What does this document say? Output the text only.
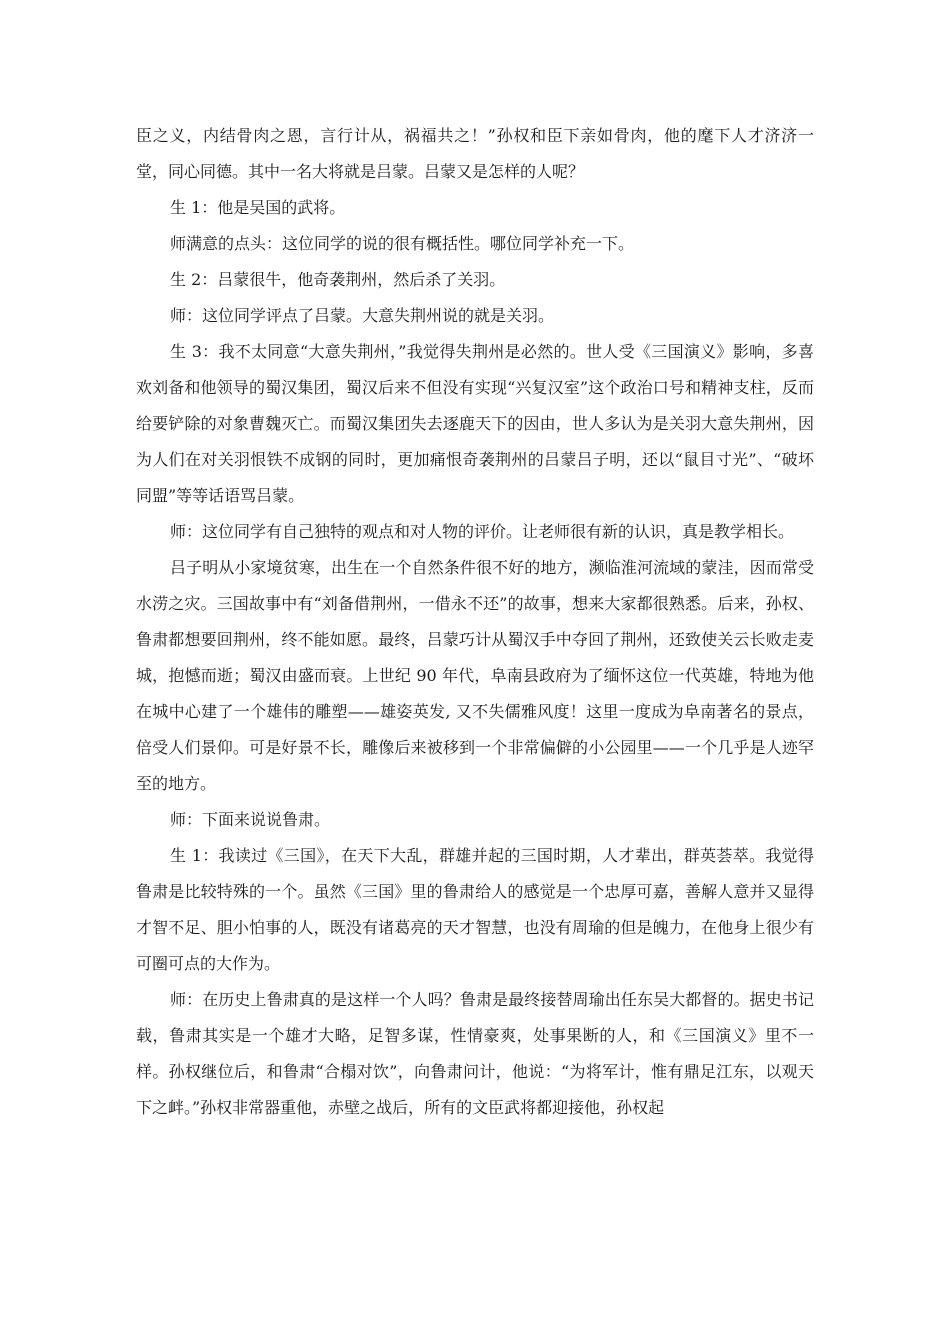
臣之义，内结骨肉之恩，言行计从，祸福共之！”孙权和臣下亲如骨肉，他的麾下人才济济一堂，同心同德。其中一名大将就是吕蒙。吕蒙又是怎样的人呢？

生 1：他是吴国的武将。

师满意的点头：这位同学的说的很有概括性。哪位同学补充一下。

生 2：吕蒙很牛，他奇袭荆州，然后杀了关羽。

师：这位同学评点了吕蒙。大意失荆州说的就是关羽。

生 3：我不太同意“大意失荆州，”我觉得失荆州是必然的。世人受《三国演义》影响，多喜欢刘备和他领导的蜀汉集团，蜀汉后来不但没有实现“兴复汉室”这个政治口号和精神支柱，反而给要铲除的对象曹魏灭亡。而蜀汉集团失去逐鹿天下的因由，世人多认为是关羽大意失荆州，因为人们在对关羽恨铁不成钢的同时，更加痛恨奇袭荆州的吕蒙吕子明，还以“鼠目寸光”、“破坏同盟”等等话语骂吕蒙。

师：这位同学有自己独特的观点和对人物的评价。让老师很有新的认识，真是教学相长。

吕子明从小家境贫寒，出生在一个自然条件很不好的地方，濒临淮河流域的蒙洼，因而常受水涝之灾。三国故事中有“刘备借荆州，一借永不还”的故事，想来大家都很熟悉。后来，孙权、鲁肃都想要回荆州，终不能如愿。最终，吕蒙巧计从蜀汉手中夺回了荆州，还致使关云长败走麦城，抱憾而逝；蜀汉由盛而衰。上世纪 90 年代，阜南县政府为了缅怀这位一代英雄，特地为他在城中心建了一个雄伟的雕塑——雄姿英发, 又不失儒雅风度！这里一度成为阜南著名的景点，倍受人们景仰。可是好景不长，雕像后来被移到一个非常偏僻的小公园里——一个几乎是人迹罕至的地方。

师：下面来说说鲁肃。

生 1：我读过《三国》，在天下大乱，群雄并起的三国时期，人才辈出，群英荟萃。我觉得鲁肃是比较特殊的一个。虽然《三国》里的鲁肃给人的感觉是一个忠厚可嘉，善解人意并又显得才智不足、胆小怕事的人，既没有诸葛亮的天才智慧，也没有周瑜的但是魄力，在他身上很少有可圈可点的大作为。

师：在历史上鲁肃真的是这样一个人吗？鲁肃是最终接替周瑜出任东吴大都督的。据史书记载，鲁肃其实是一个雄才大略，足智多谋，性情豪爽，处事果断的人，和《三国演义》里不一样。孙权继位后，和鲁肃“合榻对饮”，向鲁肃问计，他说：“为将军计，惟有鼎足江东，以观天下之衅。”孙权非常器重他，赤壁之战后，所有的文臣武将都迎接他，孙权起
